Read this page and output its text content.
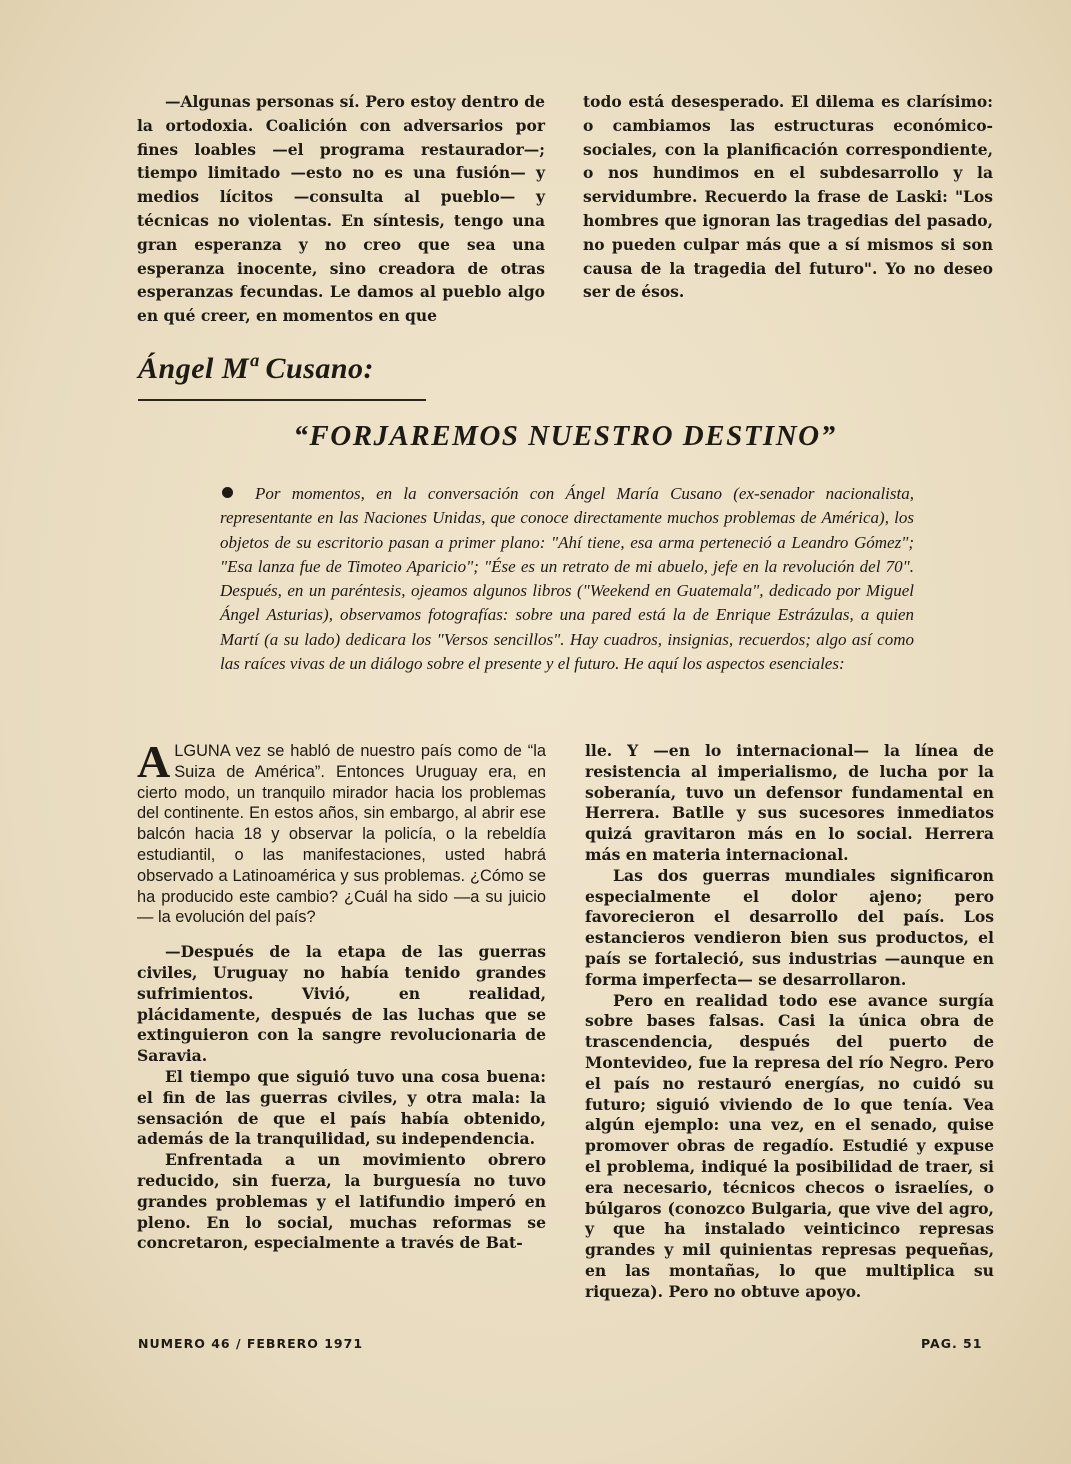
—Algunas personas sí. Pero estoy dentro de la ortodoxia. Coalición con adversarios por fines loables —el programa restaurador—; tiempo limitado —esto no es una fusión— y medios lícitos —consulta al pueblo— y técnicas no violentas. En síntesis, tengo una gran esperanza y no creo que sea una esperanza inocente, sino creadora de otras esperanzas fecundas. Le damos al pueblo algo en qué creer, en momentos en que

todo está desesperado. El dilema es clarísimo: o cambiamos las estructuras económico-sociales, con la planificación correspondiente, o nos hundimos en el subdesarrollo y la servidumbre. Recuerdo la frase de Laski: "Los hombres que ignoran las tragedias del pasado, no pueden culpar más que a sí mismos si son causa de la tragedia del futuro". Yo no deseo ser de ésos.

Ángel Mª Cusano:
“FORJAREMOS NUESTRO DESTINO”
Por momentos, en la conversación con Ángel María Cusano (ex-senador nacionalista, representante en las Naciones Unidas, que conoce directamente muchos problemas de América), los objetos de su escritorio pasan a primer plano: "Ahí tiene, esa arma perteneció a Leandro Gómez"; "Esa lanza fue de Timoteo Aparicio"; "Ése es un retrato de mi abuelo, jefe en la revolución del 70". Después, en un paréntesis, ojeamos algunos libros ("Weekend en Guatemala", dedicado por Miguel Ángel Asturias), observamos fotografías: sobre una pared está la de Enrique Estrázulas, a quien Martí (a su lado) dedicara los "Versos sencillos". Hay cuadros, insignias, recuerdos; algo así como las raíces vivas de un diálogo sobre el presente y el futuro. He aquí los aspectos esenciales:

ALGUNA vez se habló de nuestro país como de “la Suiza de América”. Entonces Uruguay era, en cierto modo, un tranquilo mirador hacia los problemas del continente. En estos años, sin embargo, al abrir ese balcón hacia 18 y observar la policía, o la rebeldía estudiantil, o las manifestaciones, usted habrá observado a Latinoamérica y sus problemas. ¿Cómo se ha producido este cambio? ¿Cuál ha sido —a su juicio— la evolución del país?

—Después de la etapa de las guerras civiles, Uruguay no había tenido grandes sufrimientos. Vivió, en realidad, plácidamente, después de las luchas que se extinguieron con la sangre revolucionaria de Saravia.

El tiempo que siguió tuvo una cosa buena: el fin de las guerras civiles, y otra mala: la sensación de que el país había obtenido, además de la tranquilidad, su independencia.

Enfrentada a un movimiento obrero reducido, sin fuerza, la burguesía no tuvo grandes problemas y el latifundio imperó en pleno. En lo social, muchas reformas se concretaron, especialmente a través de Bat-

lle. Y —en lo internacional— la línea de resistencia al imperialismo, de lucha por la soberanía, tuvo un defensor fundamental en Herrera. Batlle y sus sucesores inmediatos quizá gravitaron más en lo social. Herrera más en materia internacional.

Las dos guerras mundiales significaron especialmente el dolor ajeno; pero favorecieron el desarrollo del país. Los estancieros vendieron bien sus productos, el país se fortaleció, sus industrias —aunque en forma imperfecta— se desarrollaron.

Pero en realidad todo ese avance surgía sobre bases falsas. Casi la única obra de trascendencia, después del puerto de Montevideo, fue la represa del río Negro. Pero el país no restauró energías, no cuidó su futuro; siguió viviendo de lo que tenía. Vea algún ejemplo: una vez, en el senado, quise promover obras de regadío. Estudié y expuse el problema, indiqué la posibilidad de traer, si era necesario, técnicos checos o israelíes, o búlgaros (conozco Bulgaria, que vive del agro, y que ha instalado veinticinco represas grandes y mil quinientas represas pequeñas, en las montañas, lo que multiplica su riqueza). Pero no obtuve apoyo.

NUMERO 46 / FEBRERO 1971	PAG. 51
